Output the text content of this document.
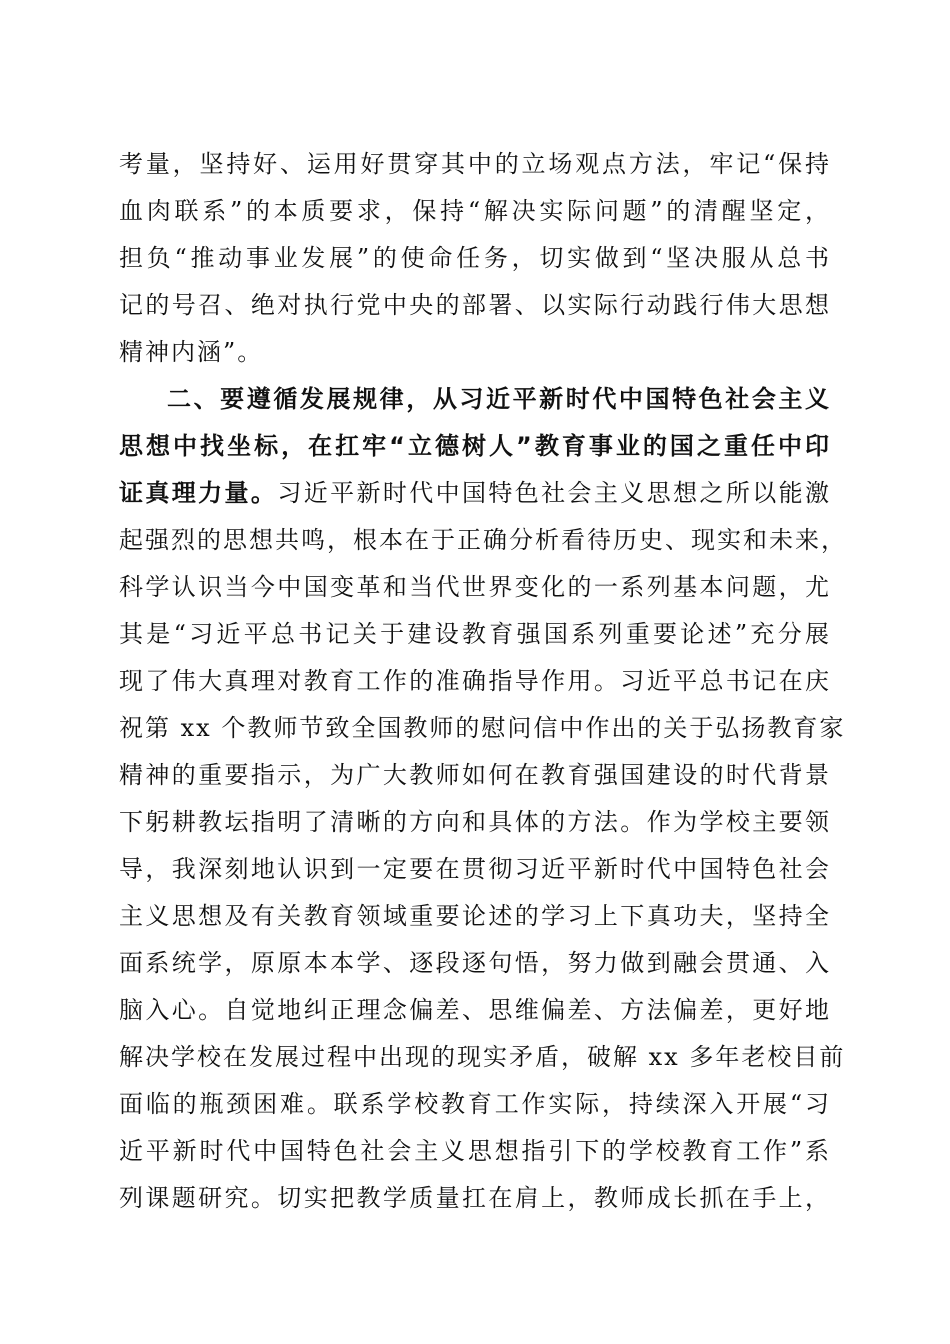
考量，坚持好、运用好贯穿其中的立场观点方法，牢记“保持
血肉联系”的本质要求，保持“解决实际问题”的清醒坚定，
担负“推动事业发展”的使命任务，切实做到“坚决服从总书
记的号召、绝对执行党中央的部署、以实际行动践行伟大思想
精神内涵”。
二、要遵循发展规律，从习近平新时代中国特色社会主义
思想中找坐标，在扛牢“立德树人”教育事业的国之重任中印
证真理力量。习近平新时代中国特色社会主义思想之所以能激
起强烈的思想共鸣，根本在于正确分析看待历史、现实和未来，
科学认识当今中国变革和当代世界变化的一系列基本问题，尤
其是“习近平总书记关于建设教育强国系列重要论述”充分展
现了伟大真理对教育工作的准确指导作用。习近平总书记在庆
祝第 xx 个教师节致全国教师的慰问信中作出的关于弘扬教育家
精神的重要指示，为广大教师如何在教育强国建设的时代背景
下躬耕教坛指明了清晰的方向和具体的方法。作为学校主要领
导，我深刻地认识到一定要在贯彻习近平新时代中国特色社会
主义思想及有关教育领域重要论述的学习上下真功夫，坚持全
面系统学，原原本本学、逐段逐句悟，努力做到融会贯通、入
脑入心。自觉地纠正理念偏差、思维偏差、方法偏差，更好地
解决学校在发展过程中出现的现实矛盾，破解 xx 多年老校目前
面临的瓶颈困难。联系学校教育工作实际，持续深入开展“习
近平新时代中国特色社会主义思想指引下的学校教育工作”系
列课题研究。切实把教学质量扛在肩上，教师成长抓在手上，
